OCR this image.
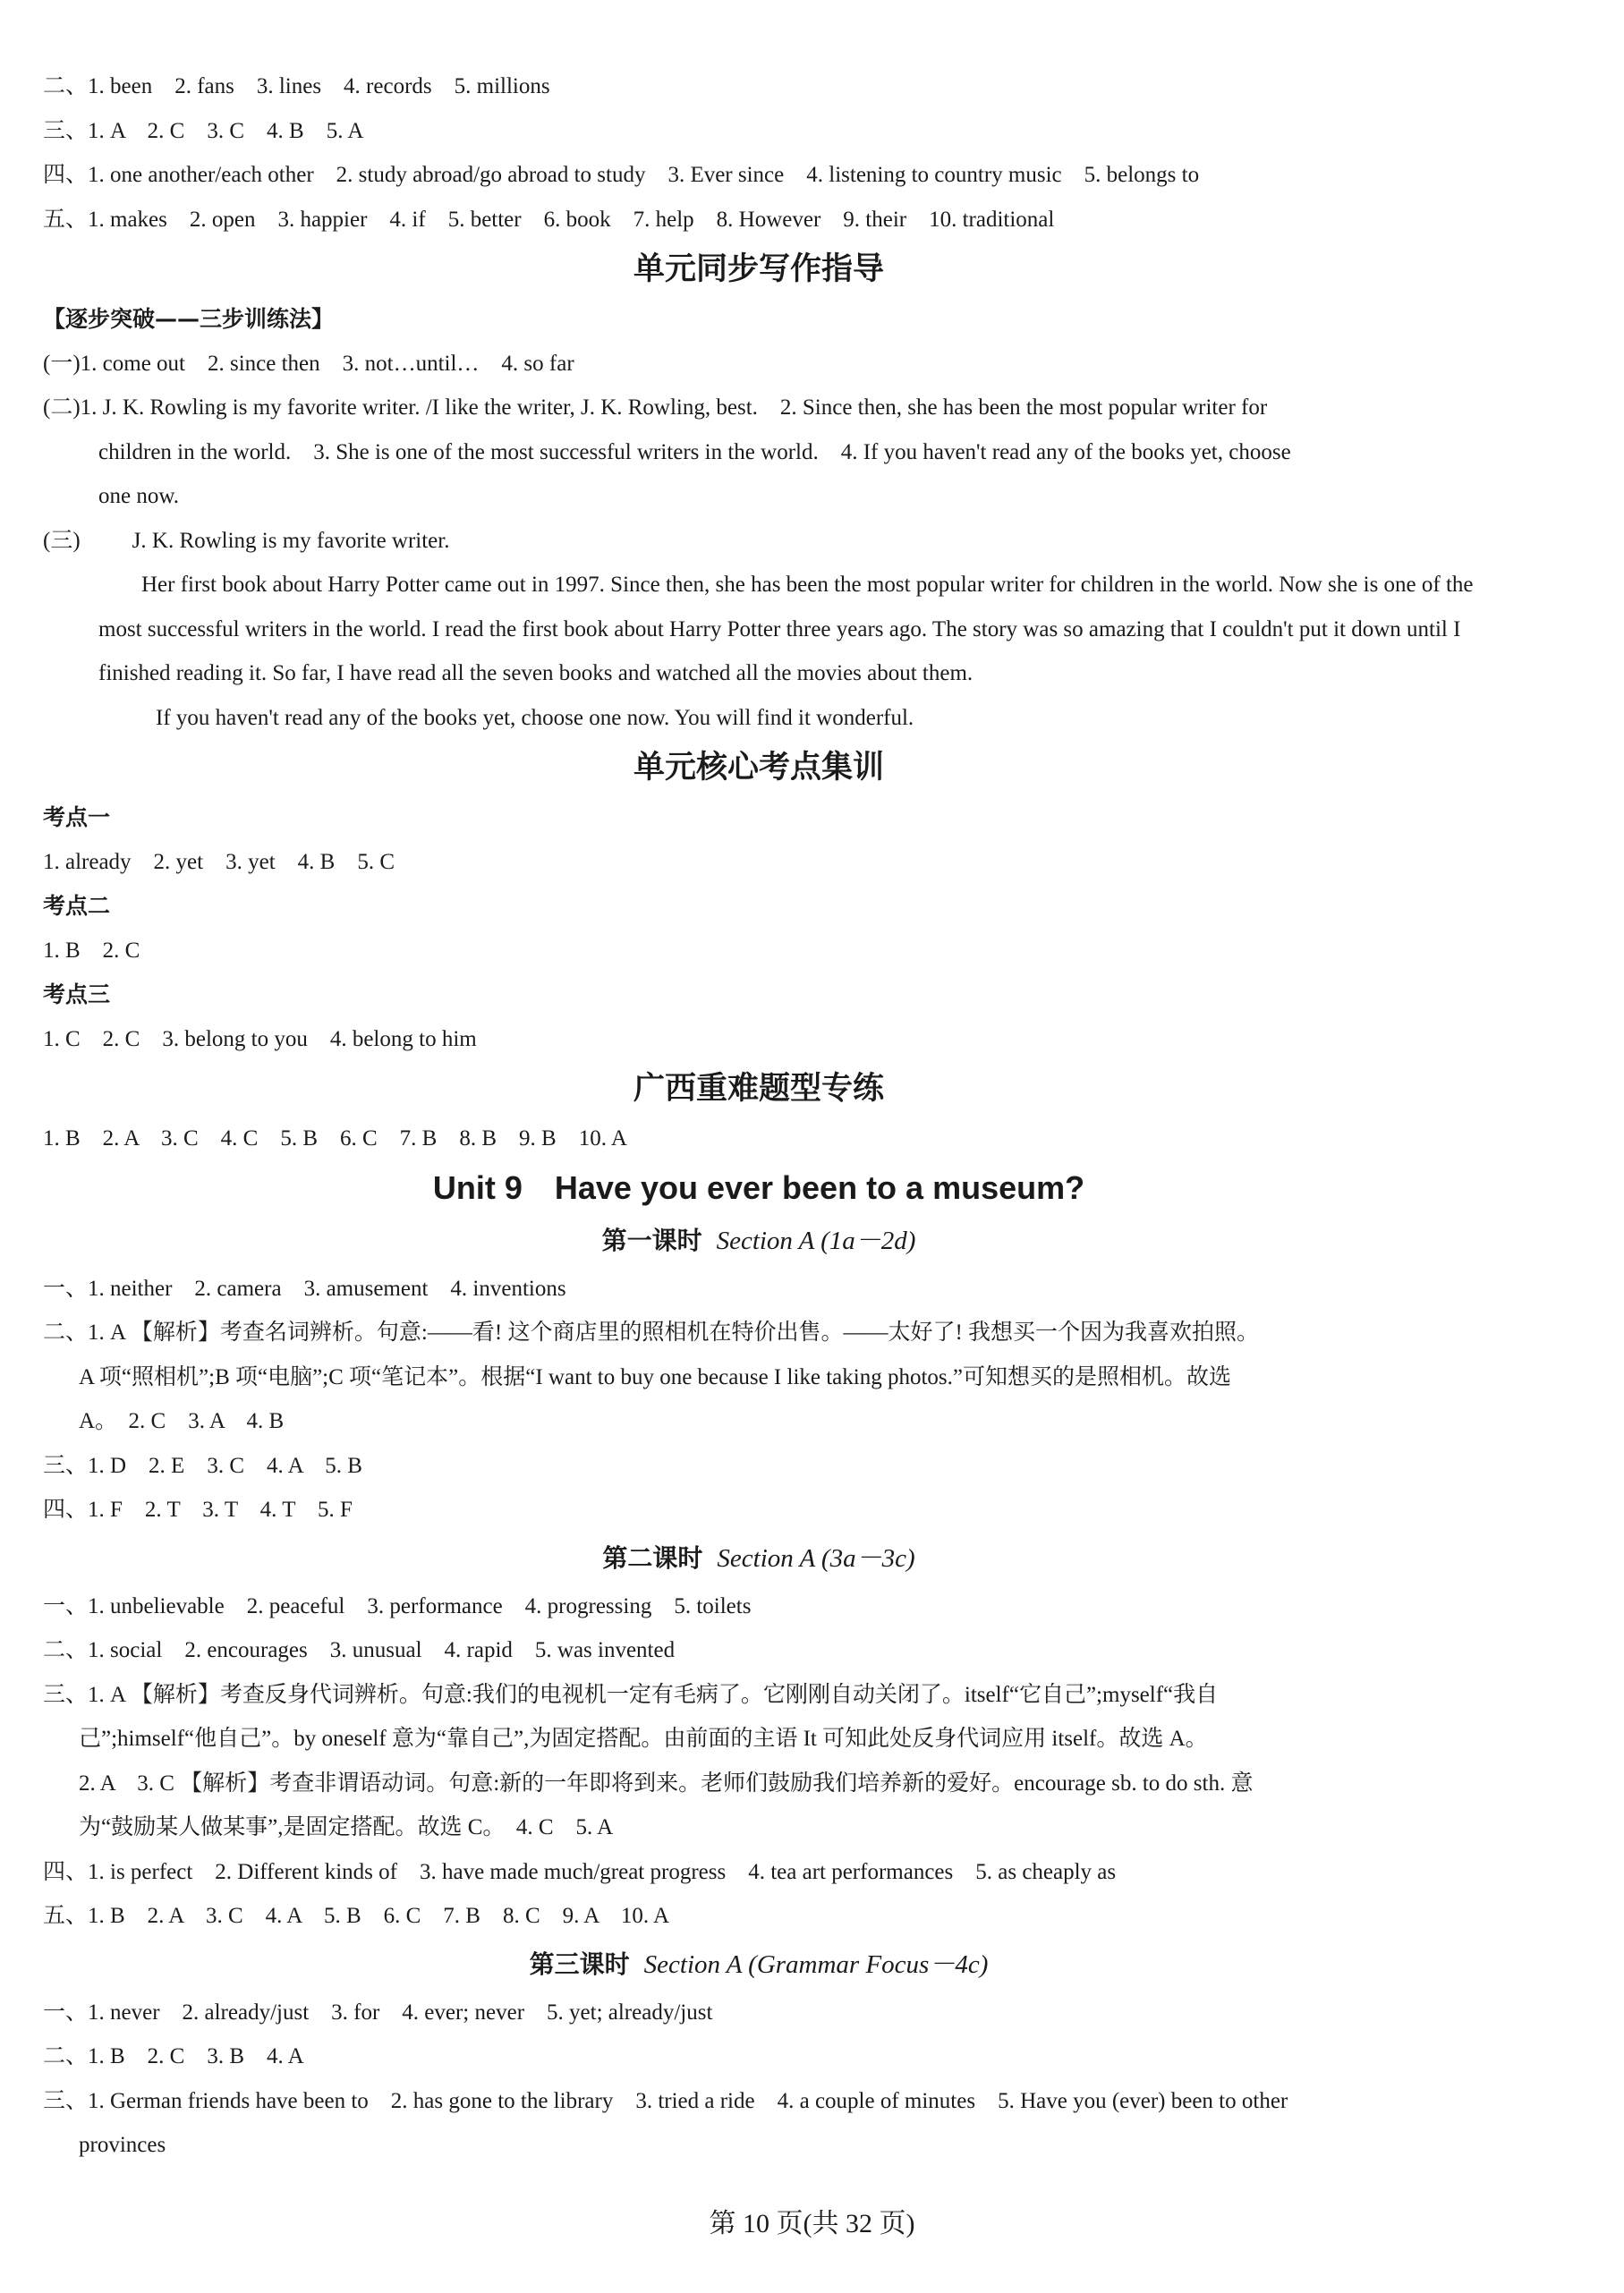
二、1. been　2. fans　3. lines　4. records　5. millions
三、1. A　2. C　3. C　4. B　5. A
四、1. one another/each other　2. study abroad/go abroad to study　3. Ever since　4. listening to country music　5. belongs to
五、1. makes　2. open　3. happier　4. if　5. better　6. book　7. help　8. However　9. their　10. traditional
单元同步写作指导
【逐步突破——三步训练法】
(一)1. come out　2. since then　3. not…until…　4. so far
(二)1. J. K. Rowling is my favorite writer. /I like the writer, J. K. Rowling, best.　2. Since then, she has been the most popular writer for
children in the world.　3. She is one of the most successful writers in the world.　4. If you haven't read any of the books yet, choose
one now.
(三) J. K. Rowling is my favorite writer.

Her first book about Harry Potter came out in 1997. Since then, she has been the most popular writer for children in the world. Now she is one of the most successful writers in the world. I read the first book about Harry Potter three years ago. The story was so amazing that I couldn't put it down until I finished reading it. So far, I have read all the seven books and watched all the movies about them.

If you haven't read any of the books yet, choose one now. You will find it wonderful.

单元核心考点集训
考点一
1. already　2. yet　3. yet　4. B　5. C
考点二
1. B　2. C
考点三
1. C　2. C　3. belong to you　4. belong to him
广西重难题型专练
1. B　2. A　3. C　4. C　5. B　6. C　7. B　8. B　9. B　10. A
Unit 9　Have you ever been to a museum?
第一课时 Section A (1a－2d)
一、1. neither　2. camera　3. amusement　4. inventions
二、1. A 【解析】考查名词辨析。句意:——看! 这个商店里的照相机在特价出售。——太好了! 我想买一个因为我喜欢拍照。
A 项“照相机”;B 项“电脑”;C 项“笔记本”。根据“I want to buy one because I like taking photos.”可知想买的是照相机。故选
A。　2. C　3. A　4. B
三、1. D　2. E　3. C　4. A　5. B
四、1. F　2. T　3. T　4. T　5. F
第二课时 Section A (3a－3c)
一、1. unbelievable　2. peaceful　3. performance　4. progressing　5. toilets
二、1. social　2. encourages　3. unusual　4. rapid　5. was invented
三、1. A 【解析】考查反身代词辨析。句意:我们的电视机一定有毛病了。它刚刚自动关闭了。itself“它自己”;myself“我自
己”;himself“他自己”。by oneself 意为“靠自己”,为固定搭配。由前面的主语 It 可知此处反身代词应用 itself。故选 A。
2. A　3. C 【解析】考查非谓语动词。句意:新的一年即将到来。老师们鼓励我们培养新的爱好。encourage sb. to do sth. 意
为“鼓励某人做某事”,是固定搭配。故选 C。　4. C　5. A
四、1. is perfect　2. Different kinds of　3. have made much/great progress　4. tea art performances　5. as cheaply as
五、1. B　2. A　3. C　4. A　5. B　6. C　7. B　8. C　9. A　10. A
第三课时 Section A (Grammar Focus－4c)
一、1. never　2. already/just　3. for　4. ever; never　5. yet; already/just
二、1. B　2. C　3. B　4. A
三、1. German friends have been to　2. has gone to the library　3. tried a ride　4. a couple of minutes　5. Have you (ever) been to other
provinces
第 10 页(共 32 页)
